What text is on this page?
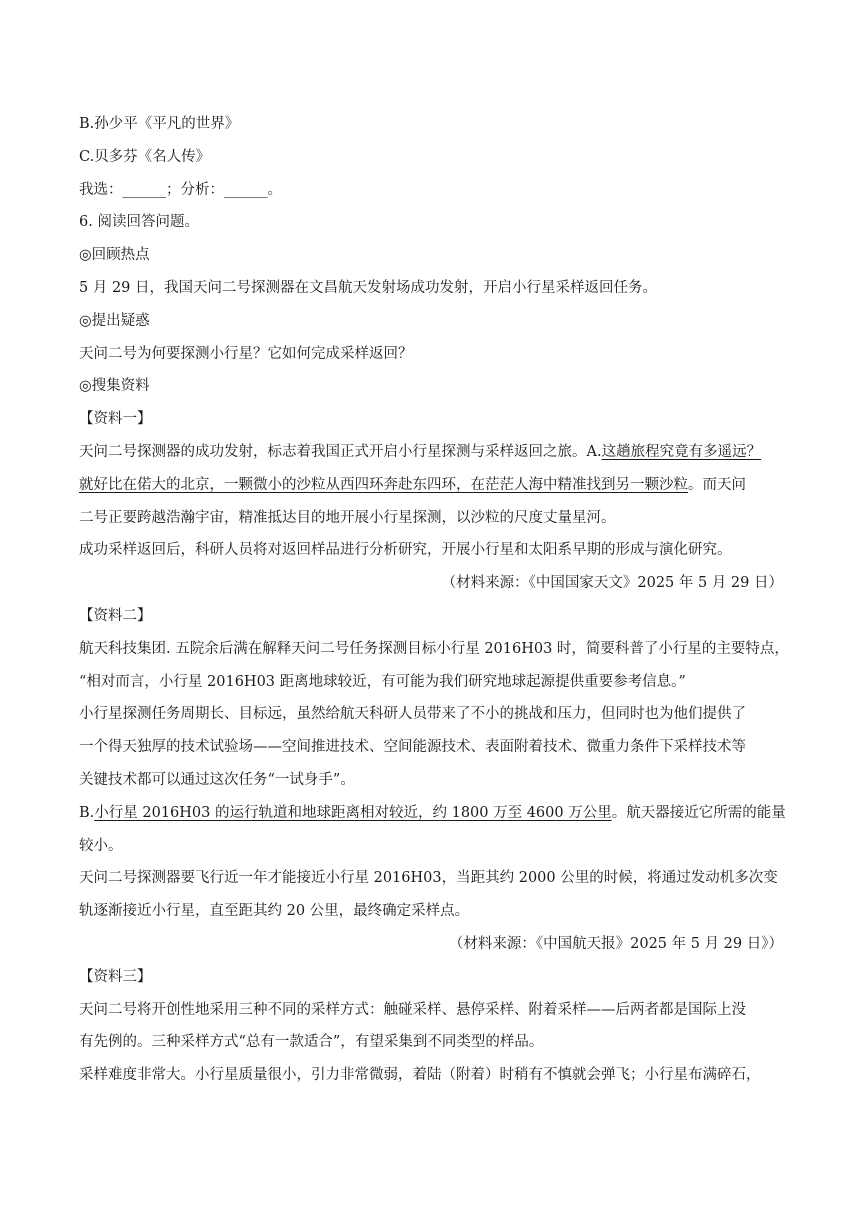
B.孙少平《平凡的世界》

C.贝多芬《名人传》

我选：______；分析：______。

6. 阅读回答问题。

◎回顾热点

5 月 29 日，我国天问二号探测器在文昌航天发射场成功发射，开启小行星采样返回任务。

◎提出疑惑

天问二号为何要探测小行星？它如何完成采样返回？

◎搜集资料

【资料一】

天问二号探测器的成功发射，标志着我国正式开启小行星探测与采样返回之旅。A.这趟旅程究竟有多遥远？

就好比在偌大的北京，一颗微小的沙粒从西四环奔赴东四环，在茫茫人海中精准找到另一颗沙粒。而天问

二号正要跨越浩瀚宇宙，精准抵达目的地开展小行星探测，以沙粒的尺度丈量星河。

成功采样返回后，科研人员将对返回样品进行分析研究，开展小行星和太阳系早期的形成与演化研究。

（材料来源：《中国国家天文》2025 年 5 月 29 日）

【资料二】

航天科技集团. 五院余后满在解释天问二号任务探测目标小行星 2016H03 时，简要科普了小行星的主要特点，

“相对而言，小行星 2016H03 距离地球较近，有可能为我们研究地球起源提供重要参考信息。”

小行星探测任务周期长、目标远，虽然给航天科研人员带来了不小的挑战和压力，但同时也为他们提供了

一个得天独厚的技术试验场——空间推进技术、空间能源技术、表面附着技术、微重力条件下采样技术等

关键技术都可以通过这次任务“一试身手”。

B.小行星 2016H03 的运行轨道和地球距离相对较近，约 1800 万至 4600 万公里。航天器接近它所需的能量

较小。

天问二号探测器要飞行近一年才能接近小行星 2016H03，当距其约 2000 公里的时候，将通过发动机多次变

轨逐渐接近小行星，直至距其约 20 公里，最终确定采样点。

（材料来源：《中国航天报》2025 年 5 月 29 日》）

【资料三】

天问二号将开创性地采用三种不同的采样方式：触碰采样、悬停采样、附着采样——后两者都是国际上没

有先例的。三种采样方式“总有一款适合”，有望采集到不同类型的样品。

采样难度非常大。小行星质量很小，引力非常微弱，着陆（附着）时稍有不慎就会弹飞；小行星布满碎石，
